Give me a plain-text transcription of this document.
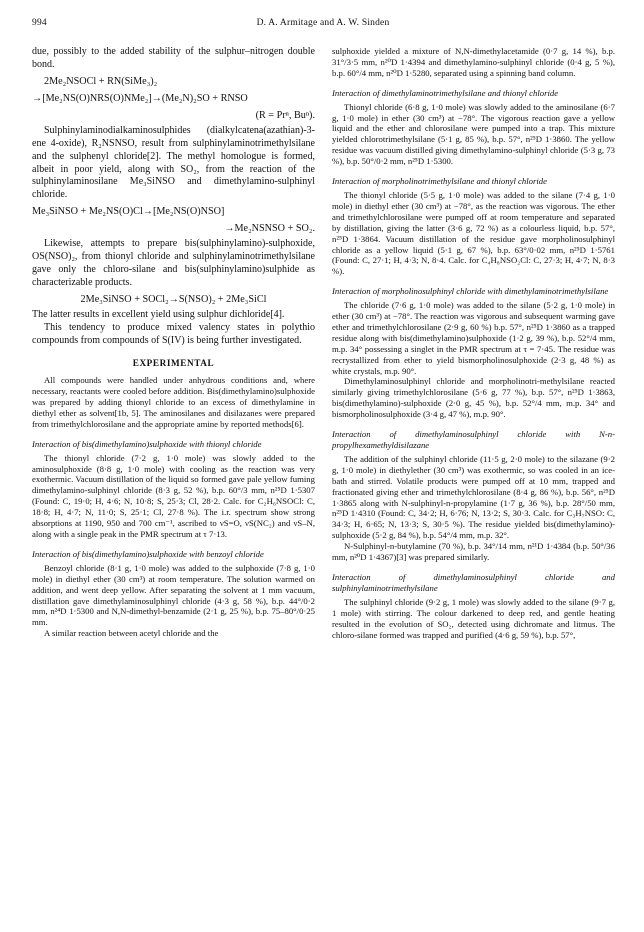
994	D. A. Armitage and A. W. Sinden

due, possibly to the added stability of the sulphur–nitrogen double bond.

2Me₂NSOCl + RN(SiMe₃)₂
→[Me₂NS(O)NRS(O)NMe₂]→(Me₂N)₂SO + RNSO
(R = Prⁿ, Buⁿ).

Sulphinylaminodialkaminosulphides (dialkylcatena(azathian)-3-ene 4-oxide), R₂NSNSO, result from sulphinylaminotrimethylsilane and the sulphenyl chloride[2]. The methyl homologue is formed, albeit in poor yield, along with SO₂, from the reaction of the sulphinylaminosilane Me₃SiNSO and dimethylamino-sulphinyl chloride.

Me₃SiNSO + Me₂NS(O)Cl→[Me₂NS(O)NSO]
→Me₂NSNSO + SO₂.

Likewise, attempts to prepare bis(sulphinylamino)-sulphoxide, OS(NSO)₂, from thionyl chloride and sulphinylaminotrimethylsilane gave only the chloro-silane and bis(sulphinylamino)sulphide as characterizable products.

2Me₃SiNSO + SOCl₂→S(NSO)₂ + 2Me₃SiCl

The latter results in excellent yield using sulphur dichloride[4].

This tendency to produce mixed valency states in polythio compounds from compounds of S(IV) is being further investigated.

EXPERIMENTAL

All compounds were handled under anhydrous conditions and, where necessary, reactants were cooled before addition. Bis(dimethylamino)sulphoxide was prepared by adding thionyl chloride to an excess of dimethylamine in diethyl ether as solvent[1b, 5]. The aminosilanes and disilazanes were prepared from trimethylchlorosilane and the appropriate amine by reported methods[6].

Interaction of bis(dimethylamino)sulphoxide with thionyl chloride

The thionyl chloride (7·2 g, 1·0 mole) was slowly added to the aminosulphoxide (8·8 g, 1·0 mole) with cooling as the reaction was very exothermic. Vacuum distillation of the liquid so formed gave pale yellow fuming dimethylamino-sulphinyl chloride (8·3 g, 52 %), b.p. 60°/3 mm, n²⁵D 1·5307 (Found: C, 19·0; H, 4·6; N, 10·8; S, 25·3; Cl, 28·2. Calc. for C₂H₆NSOCl: C, 18·8; H, 4·7; N, 11·0; S, 25·1; Cl, 27·8 %). The i.r. spectrum show strong absorptions at 1190, 950 and 700 cm⁻¹, ascribed to νS=O, νS(NC₂) and νS–N, along with a single peak in the PMR spectrum at τ 7·13.

Interaction of bis(dimethylamino)sulphoxide with benzoyl chloride

Benzoyl chloride (8·1 g, 1·0 mole) was added to the sulphoxide (7·8 g, 1·0 mole) in diethyl ether (30 cm³) at room temperature. The solution warmed on addition, and went deep yellow. After separating the solvent at 1 mm vacuum, distillation gave dimethylaminosulphinyl chloride (4·3 g, 58 %), b.p. 44°/0·2 mm, n²⁴D 1·5300 and N,N-dimethyl-benzamide (2·1 g, 25 %), b.p. 75–80°/0·25 mm.

A similar reaction between acetyl chloride and the

sulphoxide yielded a mixture of N,N-dimethylacetamide (0·7 g, 14 %), b.p. 31°/3·5 mm, n²⁰D 1·4394 and dimethylamino-sulphinyl chloride (0·4 g, 5 %), b.p. 60°/4 mm, n²⁰D 1·5280, separated using a spinning band column.

Interaction of dimethylaminotrimethylsilane and thionyl chloride

Thionyl chloride (6·8 g, 1·0 mole) was slowly added to the aminosilane (6·7 g, 1·0 mole) in ether (30 cm³) at −78°. The vigorous reaction gave a yellow liquid and the ether and chlorosilane were pumped into a trap. This mixture yielded chlorotrimethylsilane (5·1 g, 85 %), b.p. 57°, n²⁵D 1·3860. The yellow residue was vacuum distilled giving dimethylamino-sulphinyl chloride (5·3 g, 73 %), b.p. 50°/0·2 mm, n²⁵D 1·5300.

Interaction of morpholinotrimethylsilane and thionyl chloride

The thionyl chloride (5·5 g, 1·0 mole) was added to the silane (7·4 g, 1·0 mole) in diethyl ether (30 cm³) at −78°, as the reaction was vigorous. The ether and trimethylchlorosilane were pumped off at room temperature and separated by distillation, giving the latter (3·6 g, 72 %) as a colourless liquid, b.p. 57°, n²⁵D 1·3864. Vacuum distillation of the residue gave morpholinosulphinyl chloride as a yellow liquid (5·1 g, 67 %), b.p. 63°/0·02 mm, n²⁵D 1·5761 (Found: C, 27·1; H, 4·3; N, 8·4. Calc. for C₄H₈NSO₂Cl: C, 27·3; H, 4·7; N, 8·3 %).

Interaction of morpholinosulphinyl chloride with dimethylaminotrimethylsilane

The chloride (7·6 g, 1·0 mole) was added to the silane (5·2 g, 1·0 mole) in ether (30 cm³) at −78°. The reaction was vigorous and subsequent warming gave ether and trimethylchlorosilane (2·9 g, 60 %) b.p. 57°, n²⁵D 1·3860 as a trapped residue along with bis(dimethylamino)sulphoxide (1·2 g, 39 %), b.p. 52°/4 mm, m.p. 34° possessing a singlet in the PMR spectrum at τ = 7·45. The residue was recrystallized from ether to yield bismorpholinosulphoxide (2·3 g, 48 %) as white crystals, m.p. 90°.

Dimethylaminosulphinyl chloride and morpholinotri-methylsilane reacted similarly giving trimethylchlorosilane (5·6 g, 77 %), b.p. 57°, n²⁵D 1·3863, bis(dimethylamino)-sulphoxide (2·0 g, 45 %), b.p. 52°/4 mm, m.p. 34° and bismorpholinosulphoxide (3·4 g, 47 %), m.p. 90°.

Interaction of dimethylaminosulphinyl chloride with N-n-propylhexamethyldisilazane

The addition of the sulphinyl chloride (11·5 g, 2·0 mole) to the silazane (9·2 g, 1·0 mole) in diethylether (30 cm³) was exothermic, so was cooled in an ice-bath and stirred. Volatile products were pumped off at 10 mm, trapped and fractionated giving ether and trimethylchlorosilane (8·4 g, 86 %), b.p. 56°, n²⁵D 1·3865 along with N-sulphinyl-n-propylamine (1·7 g, 36 %), b.p. 28°/50 mm, n²⁵D 1·4310 (Found: C, 34·2; H, 6·76; N, 13·2; S, 30·3. Calc. for C₃H₇NSO: C, 34·3; H, 6·65; N, 13·3; S, 30·5 %). The residue yielded bis(dimethylamino)-sulphoxide (5·2 g, 84 %), b.p. 54°/4 mm, m.p. 32°.

N-Sulphinyl-n-butylamine (70 %), b.p. 34°/14 mm, n²¹D 1·4384 (b.p. 50°/36 mm, n²⁰D 1·4367)[3] was prepared similarly.

Interaction of dimethylaminosulphinyl chloride and sulphinylaminotrimethylsilane

The sulphinyl chloride (9·2 g, 1 mole) was slowly added to the silane (9·7 g, 1 mole) with stirring. The colour darkened to deep red, and gentle heating resulted in the evolution of SO₂, detected using dichromate and litmus. The chloro-silane formed was trapped and purified (4·6 g, 59 %), b.p. 57°,
